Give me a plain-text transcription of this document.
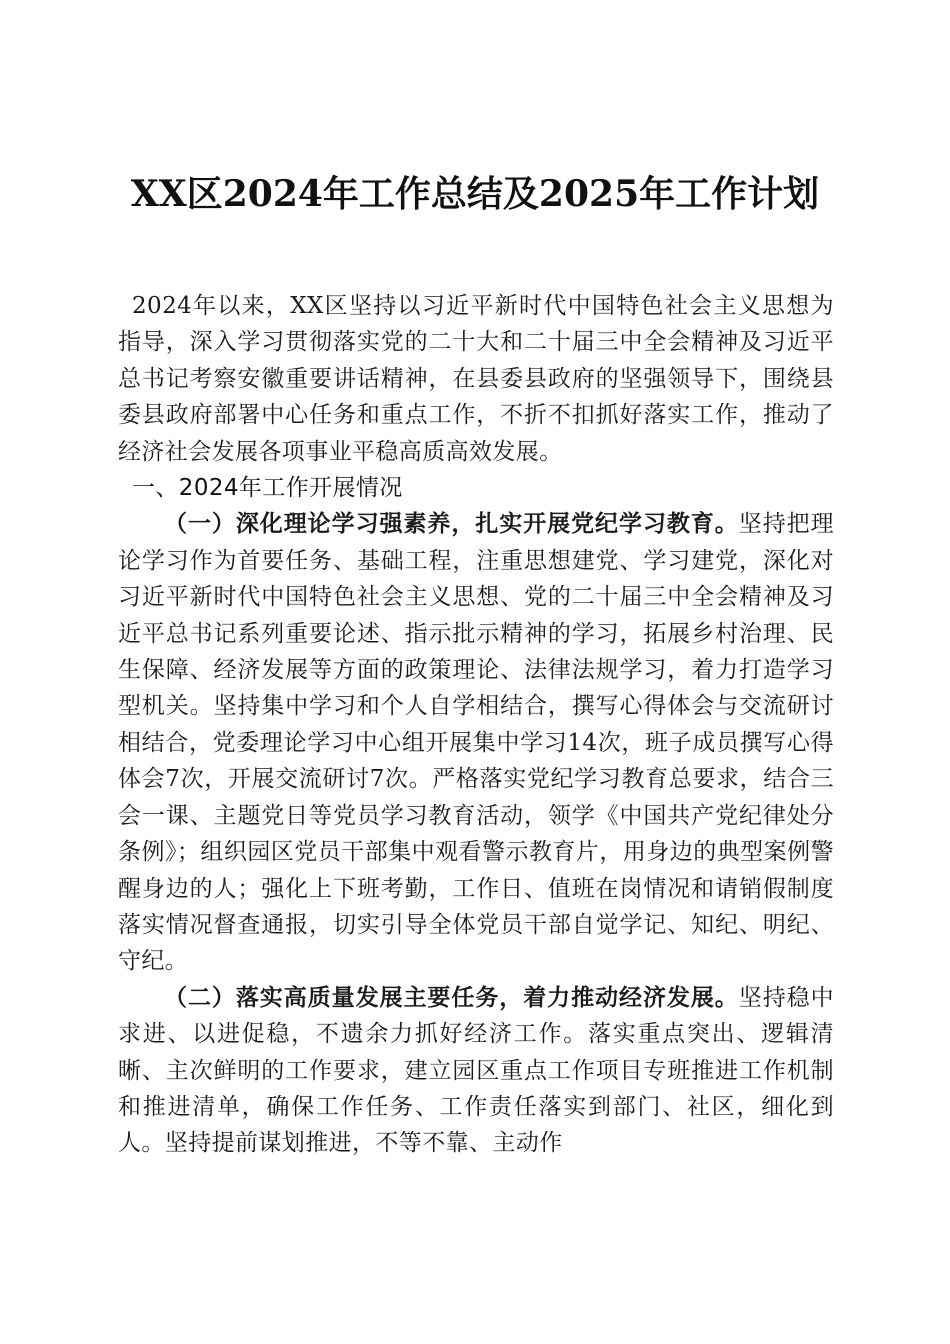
XX区2024年工作总结及2025年工作计划

2024年以来，XX区坚持以习近平新时代中国特色社会主义思想为指导，深入学习贯彻落实党的二十大和二十届三中全会精神及习近平总书记考察安徽重要讲话精神，在县委县政府的坚强领导下，围绕县委县政府部署中心任务和重点工作，不折不扣抓好落实工作，推动了经济社会发展各项事业平稳高质高效发展。

一、2024年工作开展情况

（一）深化理论学习强素养，扎实开展党纪学习教育。坚持把理论学习作为首要任务、基础工程，注重思想建党、学习建党，深化对习近平新时代中国特色社会主义思想、党的二十届三中全会精神及习近平总书记系列重要论述、指示批示精神的学习，拓展乡村治理、民生保障、经济发展等方面的政策理论、法律法规学习，着力打造学习型机关。坚持集中学习和个人自学相结合，撰写心得体会与交流研讨相结合，党委理论学习中心组开展集中学习14次，班子成员撰写心得体会7次，开展交流研讨7次。严格落实党纪学习教育总要求，结合三会一课、主题党日等党员学习教育活动，领学《中国共产党纪律处分条例》；组织园区党员干部集中观看警示教育片，用身边的典型案例警醒身边的人；强化上下班考勤，工作日、值班在岗情况和请销假制度落实情况督查通报，切实引导全体党员干部自觉学记、知纪、明纪、守纪。

（二）落实高质量发展主要任务，着力推动经济发展。坚持稳中求进、以进促稳，不遗余力抓好经济工作。落实重点突出、逻辑清晰、主次鲜明的工作要求，建立园区重点工作项目专班推进工作机制和推进清单，确保工作任务、工作责任落实到部门、社区，细化到人。坚持提前谋划推进，不等不靠、主动作
